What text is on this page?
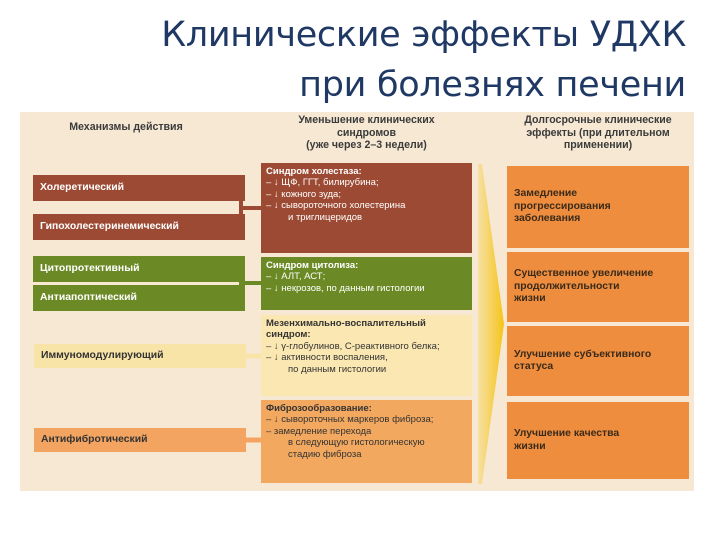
Клинические эффекты УДХК
при болезнях печени
Механизмы действия
Уменьшение клинических
синдромов
(уже через 2–3 недели)
Долгосрочные клинические
эффекты (при длительном
применении)
Холеретический
Гипохолестеринемический
Цитопротективный
Антиапоптический
Иммуномодулирующий
Антифибротический
Синдром холестаза:
– ↓ ЩФ, ГГТ, билирубина;
– ↓ кожного зуда;
– ↓ сывороточного холестерина
и триглицеридов
Синдром цитолиза:
– ↓ АЛТ, АСТ;
– ↓ некрозов, по данным гистологии
Мезенхимально-воспалительный
синдром:
– ↓ γ-глобулинов, С-реактивного белка;
– ↓ активности воспаления,
по данным гистологии
Фиброзообразование:
– ↓ сывороточных маркеров фиброза;
– замедление перехода
в следующую гистологическую
стадию фиброза
Замедление
прогрессирования
заболевания
Существенное увеличение
продолжительности
жизни
Улучшение субъективного
статуса
Улучшение качества
жизни
